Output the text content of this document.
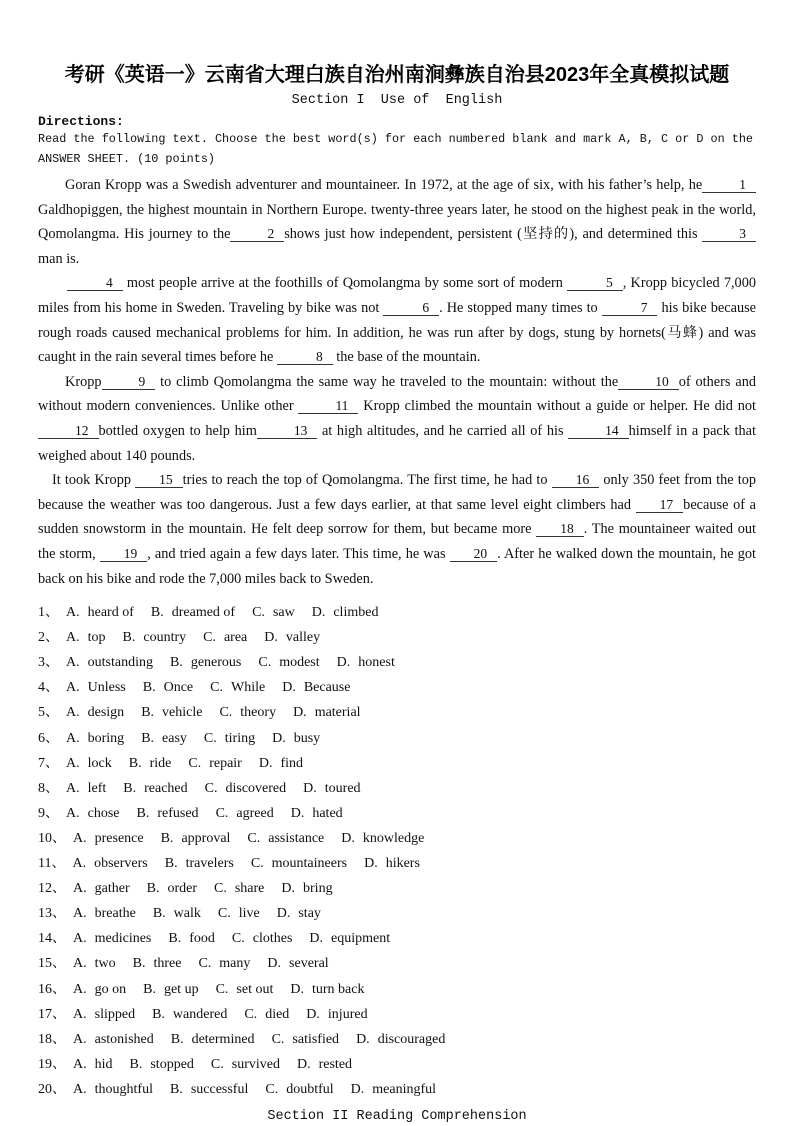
考研《英语一》云南省大理白族自治州南涧彝族自治县2023年全真模拟试题
Section I  Use of  English
Directions:
Read the following text. Choose the best word(s) for each numbered blank and mark A, B, C or D on the ANSWER SHEET. (10 points)

Goran Kropp was a Swedish adventurer and mountaineer. In 1972, at the age of six, with his father’s help, he	1Galdhopiggen, the highest mountain in Northern Europe. twenty-three years later, he stood on the highest peak in the world, Qomolangma. His journey to the	2 shows just how independent, persistent (坚持的), and determined this	3 man is.

4 most people arrive at the foothills of Qomolangma by some sort of modern	5 , Kropp bicycled 7,000 miles from his home in Sweden. Traveling by bike was not	6 . He stopped many times to	7 his bike because rough roads caused mechanical problems for him. In addition, he was run after by dogs, stung by hornets(马蜂) and was caught in the rain several times before he	8 the base of the mountain.

Kropp	9 to climb Qomolangma the same way he traveled to the mountain: without the	10 of others and without modern conveniences. Unlike other	11 Kropp climbed the mountain without a guide or helper. He did not 12 bottled oxygen to help him	13 at high altitudes, and he carried all of his	14 himself in a pack that weighed about 140 pounds.

It took Kropp 15 tries to reach the top of Qomolangma. The first time, he had to 16 only 350 feet from the top because the weather was too dangerous. Just a few days earlier, at that same level eight climbers had 17 because of a sudden snowstorm in the mountain. He felt deep sorrow for them, but became more 18 . The mountaineer waited out the storm, 19 , and tried again a few days later. This time, he was 20 . After he walked down the mountain, he got back on his bike and rode the 7,000 miles back to Sweden.

1、 A. heard of B. dreamed of C. saw D. climbed
2、 A. top B. country C. area D. valley
3、 A. outstanding B. generous C. modest D. honest
4、 A. Unless B. Once C. While D. Because
5、 A. design B. vehicle C. theory D. material
6、 A. boring B. easy C. tiring D. busy
7、 A. lock B. ride C. repair D. find
8、 A. left B. reached C. discovered D. toured
9、 A. chose B. refused C. agreed D. hated
10、 A. presence B. approval C. assistance D. knowledge
11、 A. observers B. travelers C. mountaineers D. hikers
12、 A. gather B. order C. share D. bring
13、 A. breathe B. walk C. live D. stay
14、 A. medicines B. food C. clothes D. equipment
15、 A. two B. three C. many D. several
16、 A. go on B. get up C. set out D. turn back
17、 A. slipped B. wandered C. died D. injured
18、 A. astonished B. determined C. satisfied D. discouraged
19、 A. hid B. stopped C. survived D. rested
20、 A. thoughtful B. successful C. doubtful D. meaningful
Section II Reading Comprehension
